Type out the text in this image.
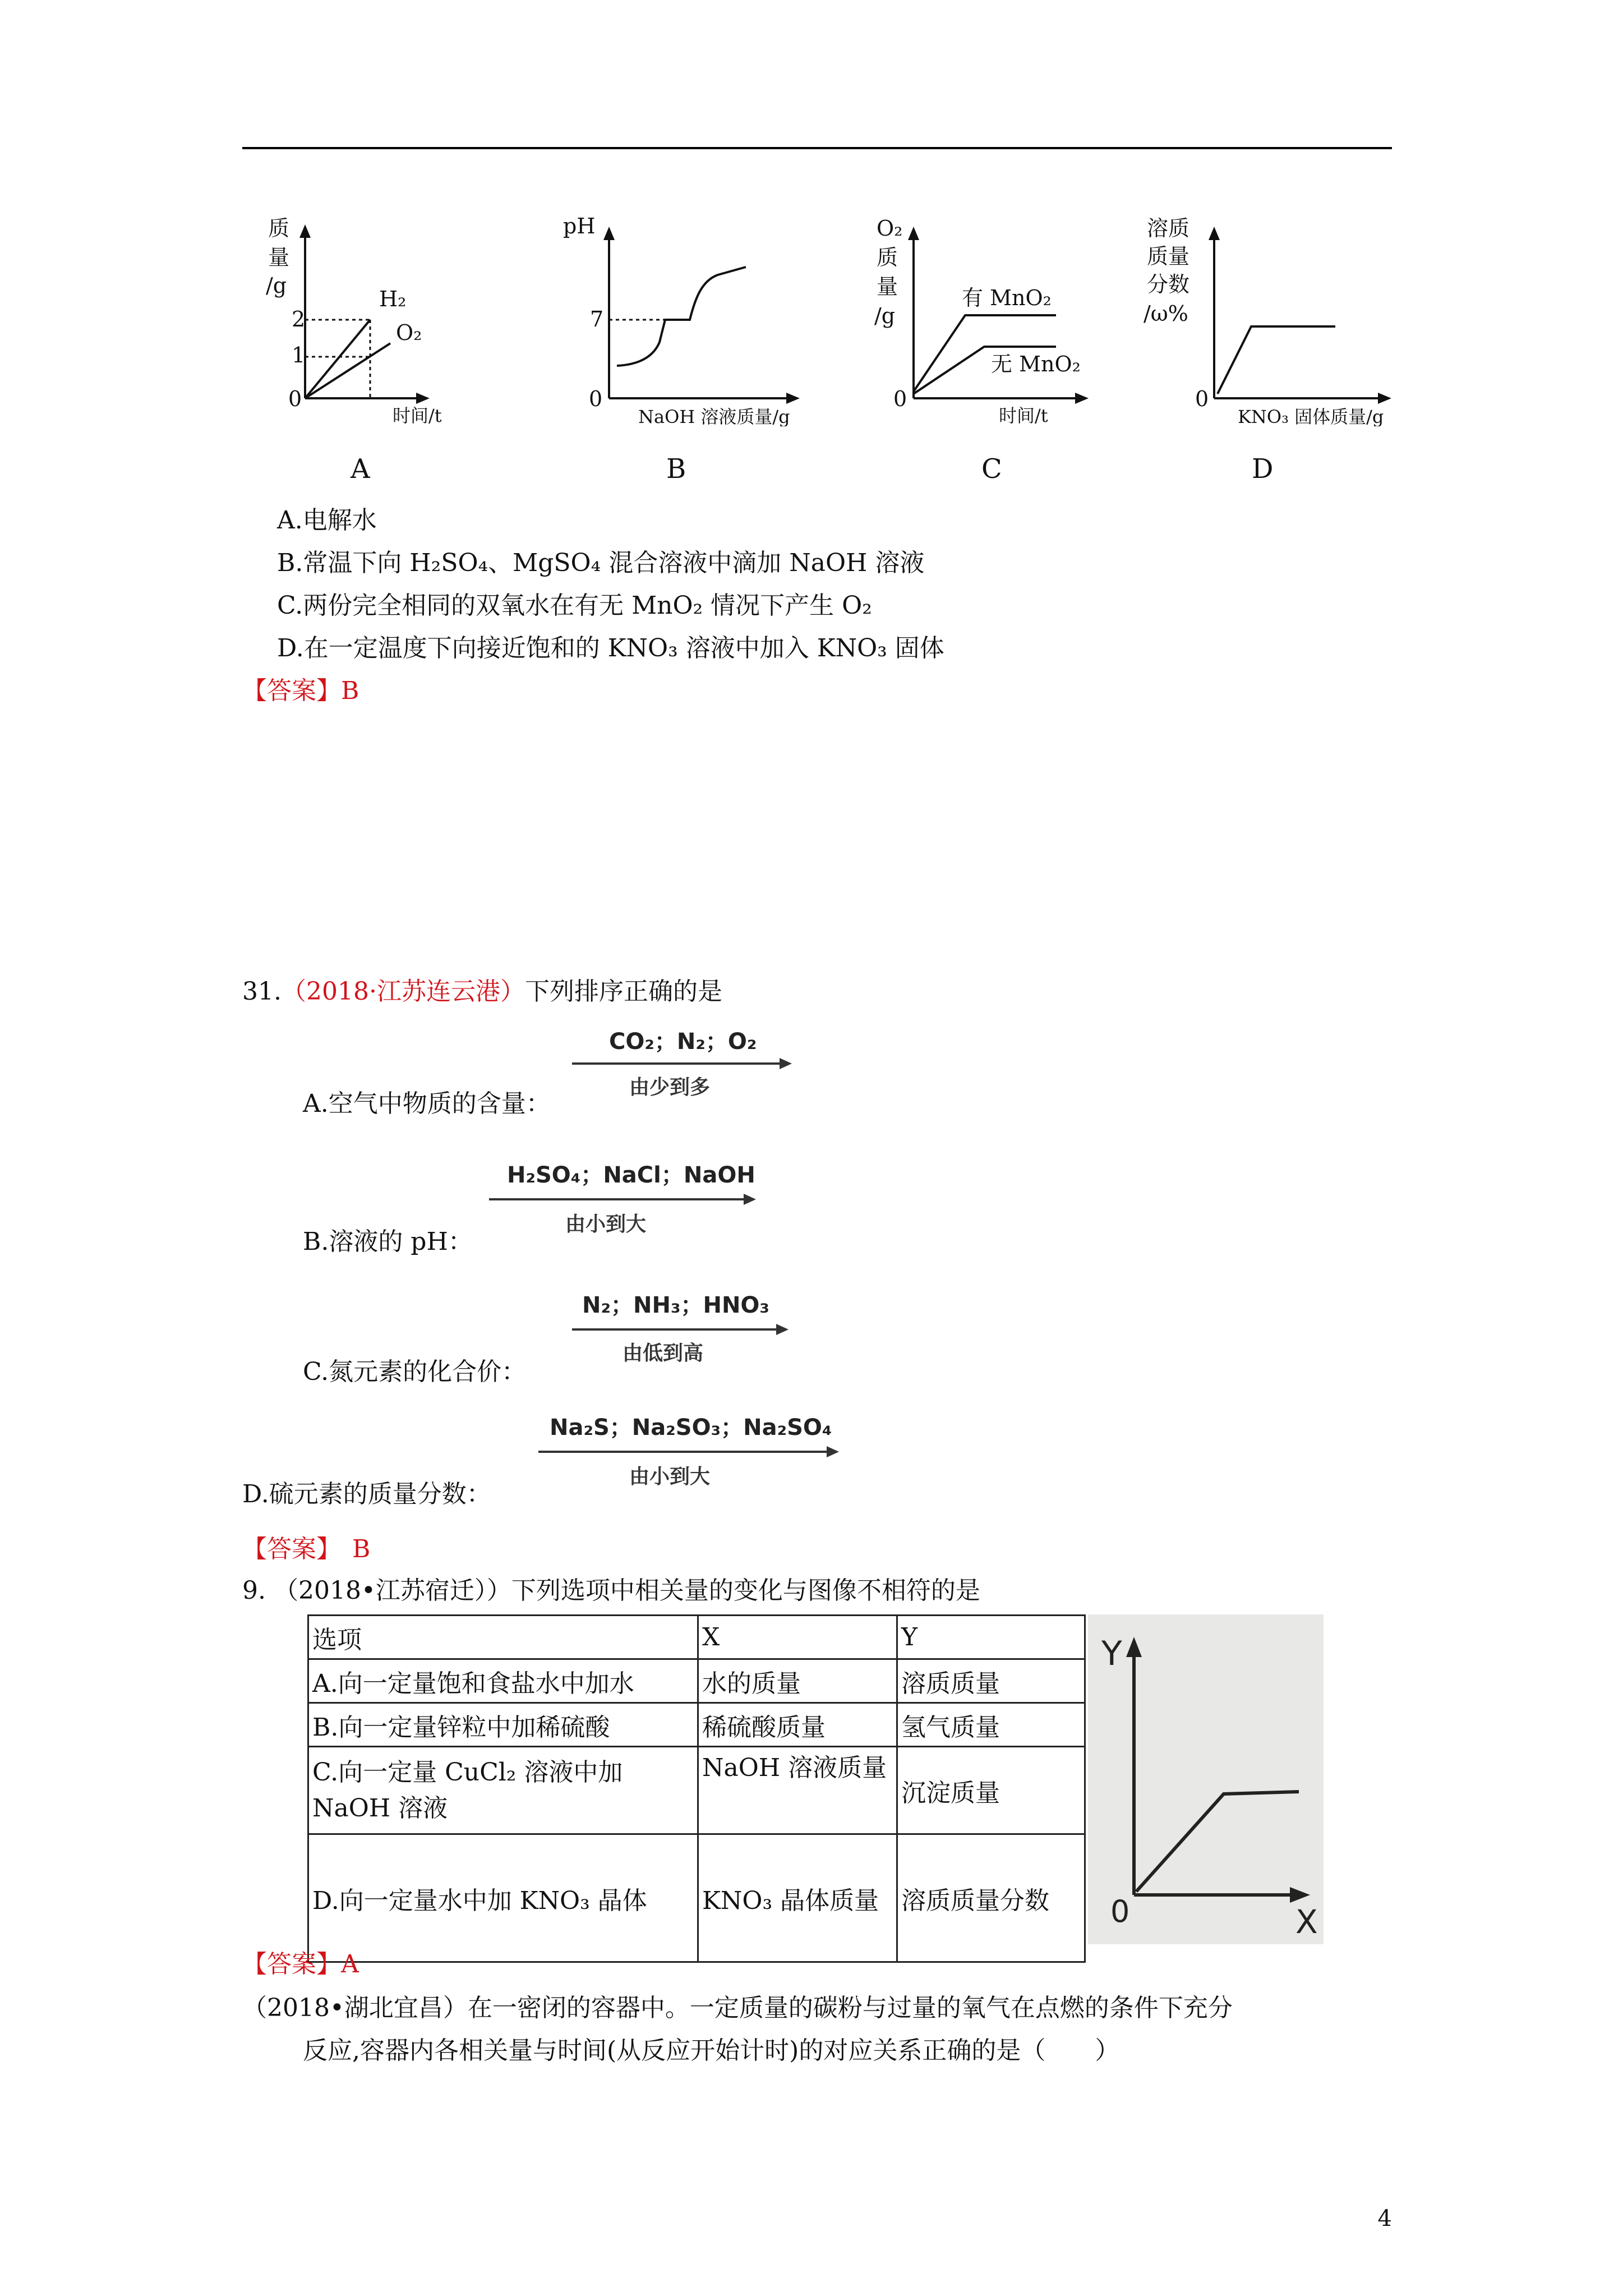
质
量
/g
2
1
0
H₂
O₂
时间/t
A
pH
7
0
NaOH 溶液质量/g
B
O₂
质
量
/g
0
有 MnO₂
无 MnO₂
时间/t
C
溶质
质量
分数
/ω%
0
KNO₃ 固体质量/g
D
A.电解水
B.常温下向 H₂SO₄、MgSO₄ 混合溶液中滴加 NaOH 溶液
C.两份完全相同的双氧水在有无 MnO₂ 情况下产生 O₂
D.在一定温度下向接近饱和的 KNO₃ 溶液中加入 KNO₃ 固体
【答案】B
31.（2018·江苏连云港）下列排序正确的是
A.空气中物质的含量：
CO₂；N₂；O₂
由少到多
B.溶液的 pH：
H₂SO₄；NaCl；NaOH
由小到大
C.氮元素的化合价：
N₂；NH₃；HNO₃
由低到高
D.硫元素的质量分数：
Na₂S；Na₂SO₃；Na₂SO₄
由小到大
【答案】 B
9. （2018•江苏宿迁））下列选项中相关量的变化与图像不相符的是
选项	X	Y
A.向一定量饱和食盐水中加水	水的质量	溶质质量
B.向一定量锌粒中加稀硫酸	稀硫酸质量	氢气质量
C.向一定量 CuCl₂ 溶液中加 NaOH 溶液	NaOH 溶液质量	沉淀质量
D.向一定量水中加 KNO₃ 晶体	KNO₃ 晶体质量	溶质质量分数
Y
X
0
【答案】A
（2018•湖北宜昌）在一密闭的容器中。一定质量的碳粉与过量的氧气在点燃的条件下充分
反应,容器内各相关量与时间(从反应开始计时)的对应关系正确的是（　　）
4
